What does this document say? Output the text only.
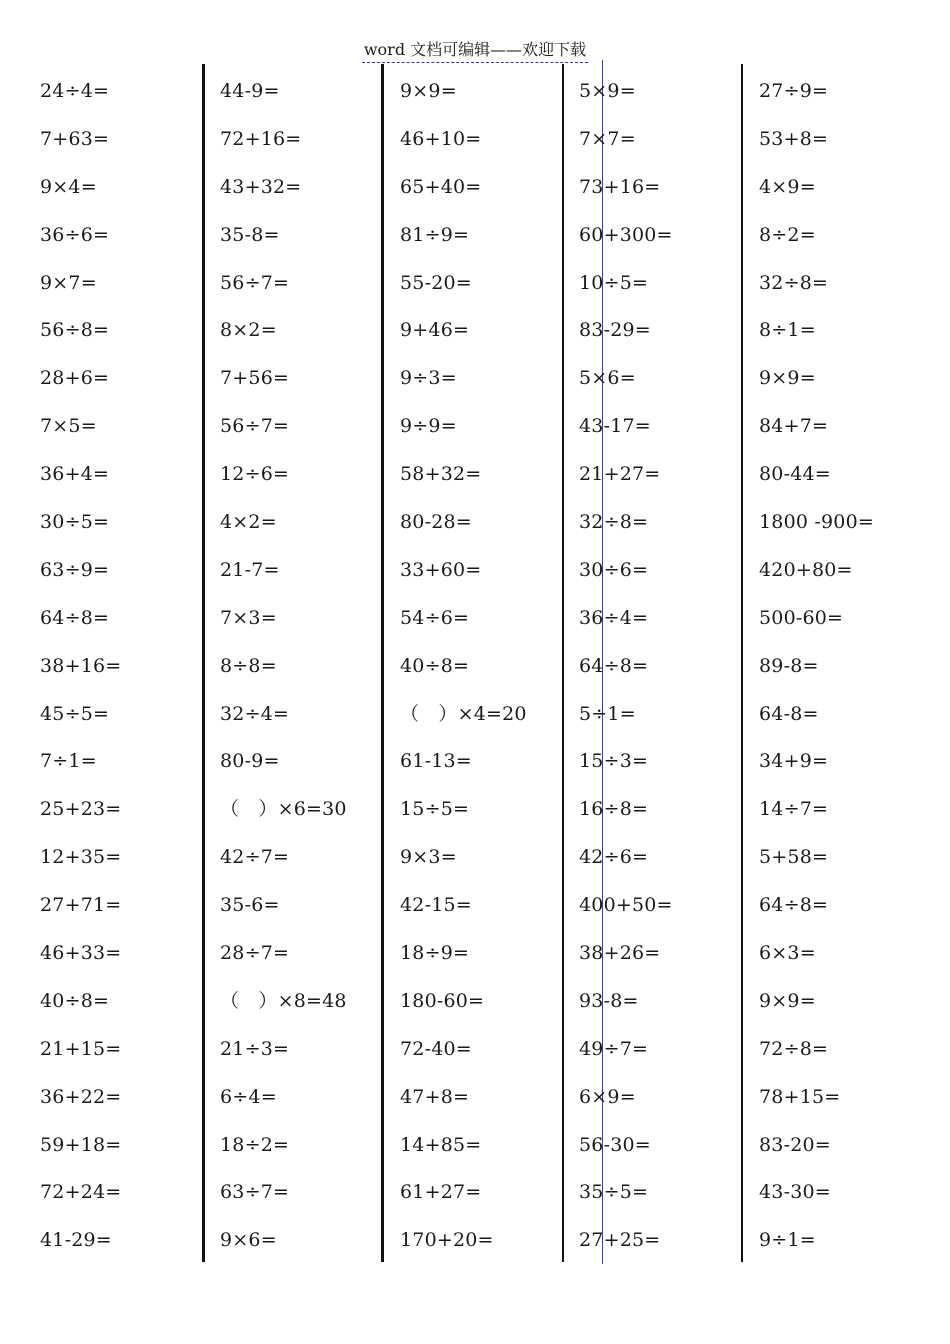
word 文档可编辑——欢迎下载
24÷4=
7+63=
9×4=
36÷6=
9×7=
56÷8=
28+6=
7×5=
36+4=
30÷5=
63÷9=
64÷8=
38+16=
45÷5=
7÷1=
25+23=
12+35=
27+71=
46+33=
40÷8=
21+15=
36+22=
59+18=
72+24=
41-29=
44-9=
72+16=
43+32=
35-8=
56÷7=
8×2=
7+56=
56÷7=
12÷6=
4×2=
21-7=
7×3=
8÷8=
32÷4=
80-9=
（　）×6=30
42÷7=
35-6=
28÷7=
（　）×8=48
21÷3=
6÷4=
18÷2=
63÷7=
9×6=
9×9=
46+10=
65+40=
81÷9=
55-20=
9+46=
9÷3=
9÷9=
58+32=
80-28=
33+60=
54÷6=
40÷8=
（　）×4=20
61-13=
15÷5=
9×3=
42-15=
18÷9=
180-60=
72-40=
47+8=
14+85=
61+27=
170+20=
5×9=
7×7=
73+16=
60+300=
10÷5=
83-29=
5×6=
43-17=
21+27=
32÷8=
30÷6=
36÷4=
64÷8=
5÷1=
15÷3=
16÷8=
42÷6=
400+50=
38+26=
93-8=
49÷7=
6×9=
56-30=
35÷5=
27+25=
27÷9=
53+8=
4×9=
8÷2=
32÷8=
8÷1=
9×9=
84+7=
80-44=
1800 -900=
420+80=
500-60=
89-8=
64-8=
34+9=
14÷7=
5+58=
64÷8=
6×3=
9×9=
72÷8=
78+15=
83-20=
43-30=
9÷1=
